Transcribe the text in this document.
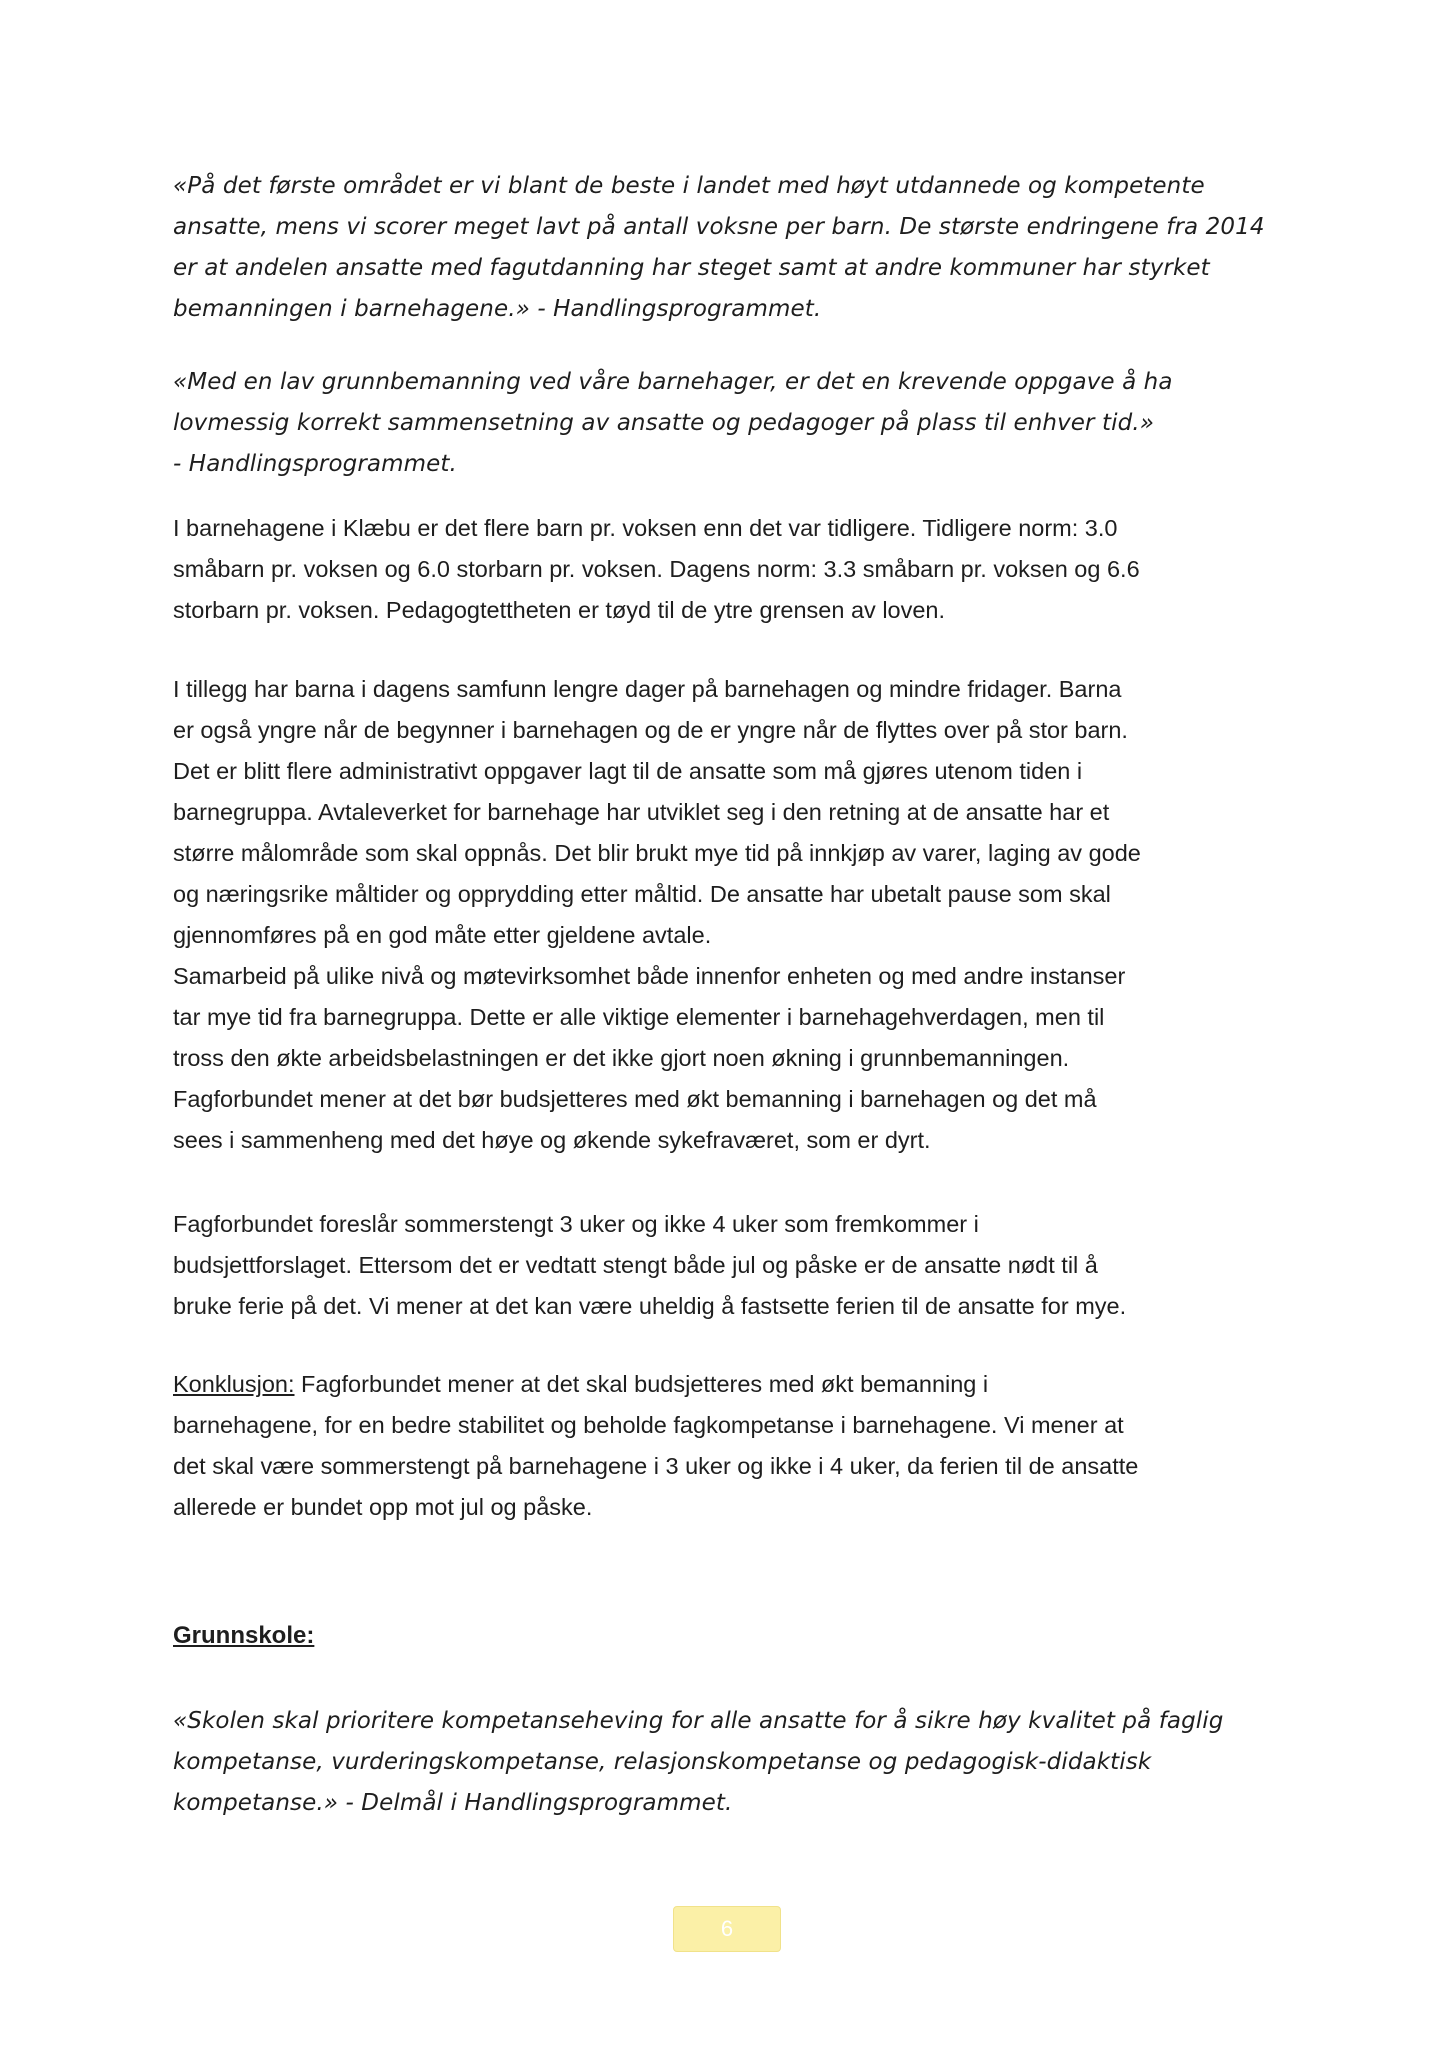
«På det første området er vi blant de beste i landet med høyt utdannede og kompetente
ansatte, mens vi scorer meget lavt på antall voksne per barn. De største endringene fra 2014
er at andelen ansatte med fagutdanning har steget samt at andre kommuner har styrket
bemanningen i barnehagene.» - Handlingsprogrammet.

«Med en lav grunnbemanning ved våre barnehager, er det en krevende oppgave å ha
lovmessig korrekt sammensetning av ansatte og pedagoger på plass til enhver tid.»
- Handlingsprogrammet.

I barnehagene i Klæbu er det flere barn pr. voksen enn det var tidligere. Tidligere norm: 3.0
småbarn pr. voksen og 6.0 storbarn pr. voksen. Dagens norm: 3.3 småbarn pr. voksen og 6.6
storbarn pr. voksen. Pedagogtettheten er tøyd til de ytre grensen av loven.

I tillegg har barna i dagens samfunn lengre dager på barnehagen og mindre fridager. Barna
er også yngre når de begynner i barnehagen og de er yngre når de flyttes over på stor barn.
Det er blitt flere administrativt oppgaver lagt til de ansatte som må gjøres utenom tiden i
barnegruppa. Avtaleverket for barnehage har utviklet seg i den retning at de ansatte har et
større målområde som skal oppnås. Det blir brukt mye tid på innkjøp av varer, laging av gode
og næringsrike måltider og opprydding etter måltid. De ansatte har ubetalt pause som skal
gjennomføres på en god måte etter gjeldene avtale.
Samarbeid på ulike nivå og møtevirksomhet både innenfor enheten og med andre instanser
tar mye tid fra barnegruppa. Dette er alle viktige elementer i barnehagehverdagen, men til
tross den økte arbeidsbelastningen er det ikke gjort noen økning i grunnbemanningen.
Fagforbundet mener at det bør budsjetteres med økt bemanning i barnehagen og det må
sees i sammenheng med det høye og økende sykefraværet, som er dyrt.

Fagforbundet foreslår sommerstengt 3 uker og ikke 4 uker som fremkommer i
budsjettforslaget. Ettersom det er vedtatt stengt både jul og påske er de ansatte nødt til å
bruke ferie på det. Vi mener at det kan være uheldig å fastsette ferien til de ansatte for mye.

Konklusjon: Fagforbundet mener at det skal budsjetteres med økt bemanning i
barnehagene, for en bedre stabilitet og beholde fagkompetanse i barnehagene. Vi mener at
det skal være sommerstengt på barnehagene i 3 uker og ikke i 4 uker, da ferien til de ansatte
allerede er bundet opp mot jul og påske.

Grunnskole:

«Skolen skal prioritere kompetanseheving for alle ansatte for å sikre høy kvalitet på faglig
kompetanse, vurderingskompetanse, relasjonskompetanse og pedagogisk-didaktisk
kompetanse.» - Delmål i Handlingsprogrammet.

6
